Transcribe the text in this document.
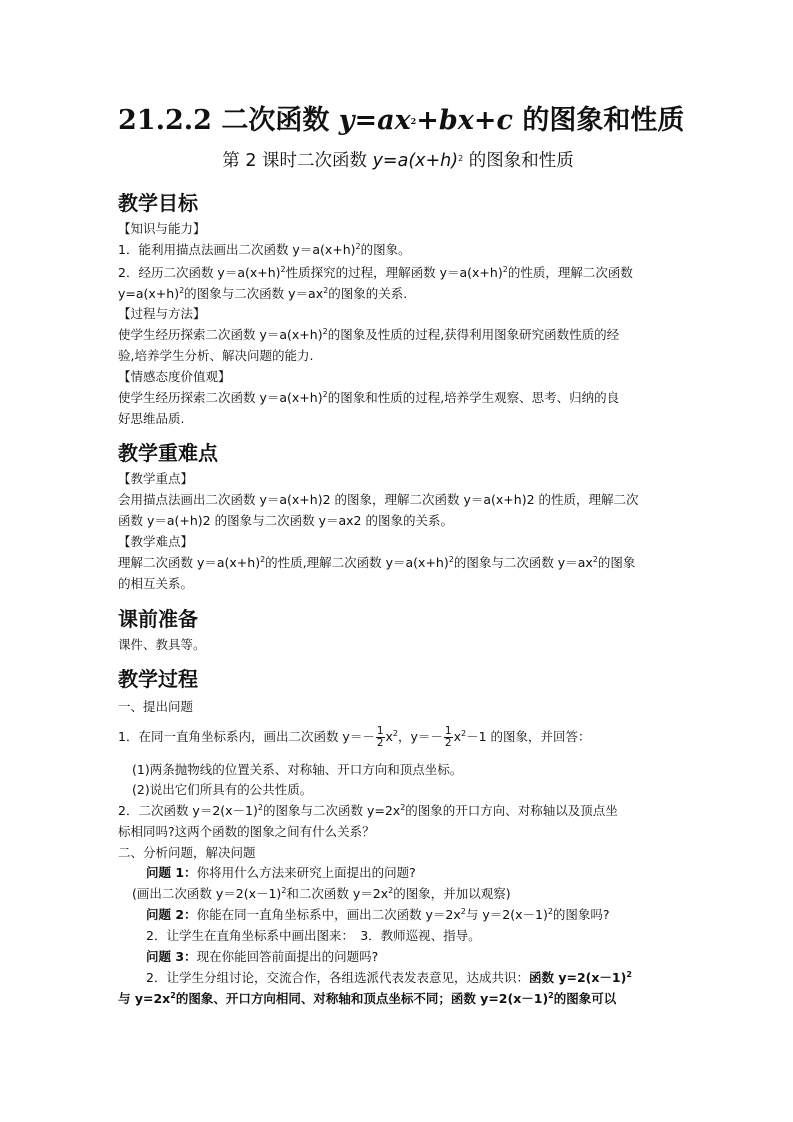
21.2.2 二次函数 $y=ax^2+bx+c$ 的图象和性质
第 2 课时二次函数 $y=a(x+h)^2$ 的图象和性质
教学目标
【知识与能力】
1．能利用描点法画出二次函数 $y=a(x+h)^2$的图象。
2．经历二次函数 $y=a(x+h)^2$性质探究的过程，理解函数 $y=a(x+h)^2$的性质，理解二次函数
$y=a(x+h)^2$的图象与二次函数 $y=ax^2$的图象的关系.
【过程与方法】
使学生经历探索二次函数 $y=a(x+h)^2$的图象及性质的过程,获得利用图象研究函数性质的经
验,培养学生分析、解决问题的能力.
【情感态度价值观】
使学生经历探索二次函数 $y=a(x+h)^2$的图象和性质的过程,培养学生观察、思考、归纳的良
好思维品质.
教学重难点
【教学重点】
会用描点法画出二次函数 y＝a(x+h)2 的图象，理解二次函数 y＝a(x+h)2 的性质，理解二次
函数 y＝a(+h)2 的图象与二次函数 y＝ax2 的图象的关系。
【教学难点】
理解二次函数 $y=a(x+h)^2$的性质,理解二次函数 $y=a(x+h)^2$的图象与二次函数 $y=ax^2$的图象
的相互关系。
课前准备
课件、教具等。
教学过程
一、提出问题
1．在同一直角坐标系内，画出二次函数 $y=- \frac{1}{2} x^2$，$y=- \frac{1}{2} x^2-1$ 的图象，并回答：
(1)两条抛物线的位置关系、对称轴、开口方向和顶点坐标。
(2)说出它们所具有的公共性质。
2．二次函数 $y=2(x-1)^2$的图象与二次函数 $y=2x^2$的图象的开口方向、对称轴以及顶点坐
标相同吗?这两个函数的图象之间有什么关系？
二、分析问题，解决问题
问题 1：你将用什么方法来研究上面提出的问题?
(画出二次函数 $y=2(x-1)^2$和二次函数 $y=2x^2$的图象，并加以观察)
问题 2：你能在同一直角坐标系中，画出二次函数 $y=2x^2$与 $y=2(x-1)^2$的图象吗?
2．让学生在直角坐标系中画出图来：　3．教师巡视、指导。
问题 3：现在你能回答前面提出的问题吗?
2．让学生分组讨论，交流合作，各组选派代表发表意见，达成共识：函数 $y=2(x-1)^2$
与 $y=2x^2$的图象、开口方向相同、对称轴和顶点坐标不同；函数 $y=2(x-1)^2$的图象可以
